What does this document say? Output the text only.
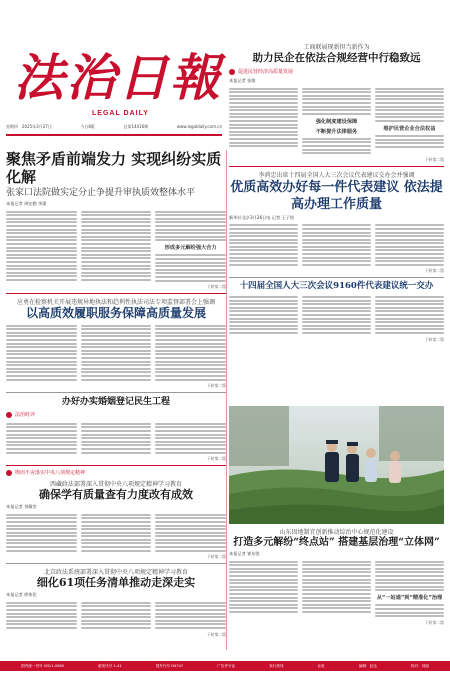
法治日報
LEGAL DAILY
星期四　2025年3月27日	今日8版	总第14416期	www.legaldaily.com.cn
聚焦矛盾前端发力 实现纠纷实质化解
张家口法院做实定分止争提升审执质效整体水平
本报记者 周宏勤 李璟
形成多元解纷强大合力
下转第二版
应勇在检察机关开展违规异地执法和趋利性执法司法专项监督部署会上强调
以高质效履职服务保障高质量发展
下转第二版
办好办实婚姻登记民生工程
法治时评
下转第二版
锲而不舍落实中央八项规定精神
西藏政法部署深入贯彻中央八项规定精神学习教育
确保学有质量查有力度改有成效
本报记者 刘耀堂
下转第二版
北京政法系统部署深入贯彻中央八项规定精神学习教育
细化61项任务清单推动走深走实
本报记者 徐伟伦
下转第二版
工商联展现新担当新作为
助力民企在依法合规经营中行稳致远
促进民营经济高质量发展
本报记者 张维
强化制度建设保障
不断提升法律服务	维护民营企业合法权益
下转第二版
李鸿忠出席十四届全国人大三次会议代表建议交办会并强调
优质高效办好每一件代表建议 依法提高办理工作质量
新华社北京3月26日电 记者 王子铭
下转第二版
十四届全国人大三次会议9160件代表建议统一交办
下转第二版
山东因地制宜创新推动综治中心规范化建设
打造多元解纷“终点站” 搭建基层治理“立体网”
本报记者 崔东凯
从“一站通”到“精准化”治理
下转第二版
国内统一刊号 CN11-0080	邮发代号 1-41	国外代号 D4747	广告许可证	发行热线	社址	编辑：赵达	校对：刘丽
